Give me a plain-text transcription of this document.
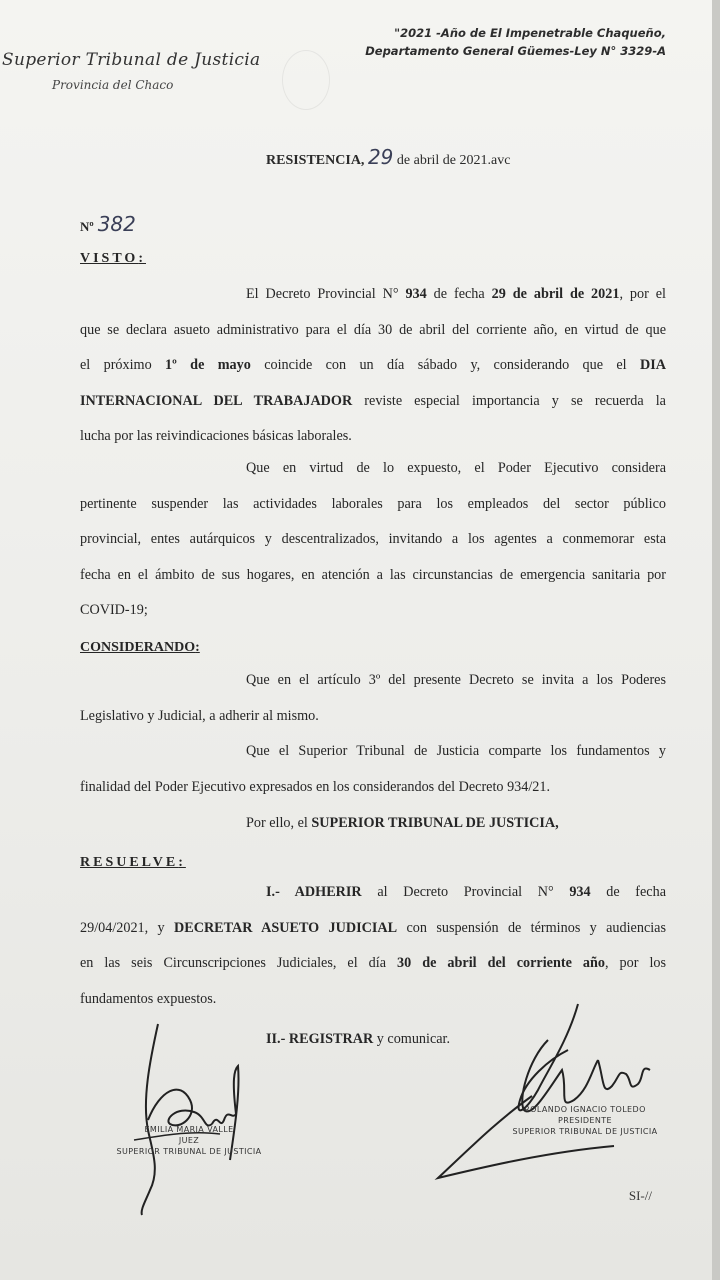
Superior Tribunal de Justicia
Provincia del Chaco
"2021 -Año de El Impenetrable Chaqueño,
Departamento General Güemes-Ley N° 3329-A
RESISTENCIA, 29 de abril de 2021.avc
Nº 382
VISTO:
El Decreto Provincial N° 934 de fecha 29 de abril de 2021, por el
que se declara asueto administrativo para el día 30 de abril del corriente año, en virtud de que
el próximo 1º de mayo coincide con un día sábado y, considerando que el DIA
INTERNACIONAL DEL TRABAJADOR reviste especial importancia y se recuerda la
lucha por las reivindicaciones básicas laborales.
Que en virtud de lo expuesto, el Poder Ejecutivo considera
pertinente suspender las actividades laborales para los empleados del sector público
provincial, entes autárquicos y descentralizados, invitando a los agentes a conmemorar esta
fecha en el ámbito de sus hogares, en atención a las circunstancias de emergencia sanitaria por
COVID-19;
CONSIDERANDO:
Que en el artículo 3º del presente Decreto se invita a los Poderes
Legislativo y Judicial, a adherir al mismo.
Que el Superior Tribunal de Justicia comparte los fundamentos y
finalidad del Poder Ejecutivo expresados en los considerandos del Decreto 934/21.
Por ello, el SUPERIOR TRIBUNAL DE JUSTICIA,
RESUELVE:
I.- ADHERIR al Decreto Provincial N° 934 de fecha
29/04/2021, y DECRETAR ASUETO JUDICIAL con suspensión de términos y audiencias
en las seis Circunscripciones Judiciales, el día 30 de abril del corriente año, por los
fundamentos expuestos.
II.- REGISTRAR y comunicar.
EMILIA MARIA VALLE
JUEZ
SUPERIOR TRIBUNAL DE JUSTICIA
ROLANDO IGNACIO TOLEDO
PRESIDENTE
SUPERIOR TRIBUNAL DE JUSTICIA
SI-//
